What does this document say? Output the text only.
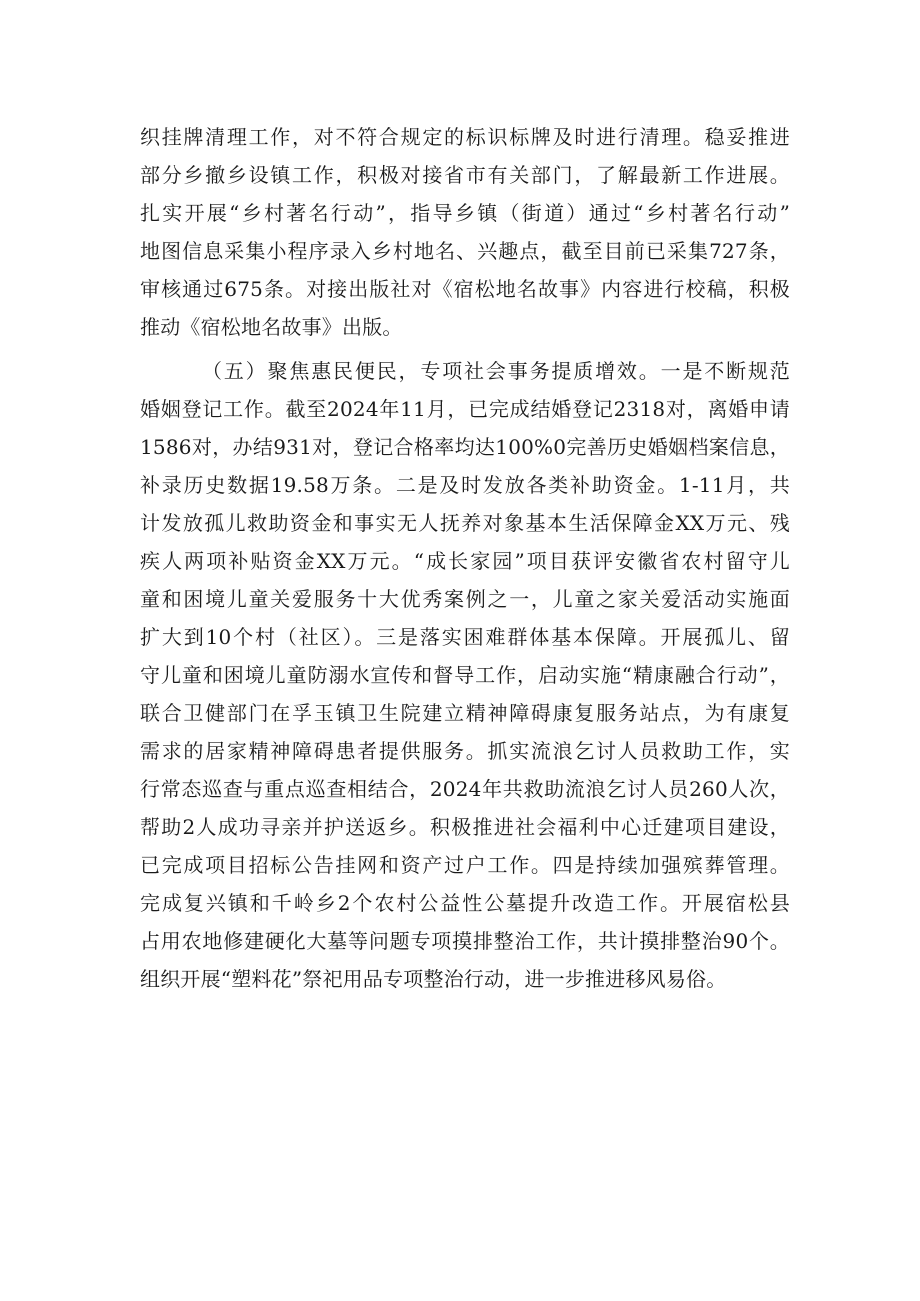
织挂牌清理工作，对不符合规定的标识标牌及时进行清理。稳妥推进
部分乡撤乡设镇工作，积极对接省市有关部门，了解最新工作进展。
扎实开展“乡村著名行动”，指导乡镇（街道）通过“乡村著名行动”
地图信息采集小程序录入乡村地名、兴趣点，截至目前已采集727条，
审核通过675条。对接出版社对《宿松地名故事》内容进行校稿，积极
推动《宿松地名故事》出版。
（五）聚焦惠民便民，专项社会事务提质增效。一是不断规范
婚姻登记工作。截至2024年11月，已完成结婚登记2318对，离婚申请
1586对，办结931对，登记合格率均达100%0完善历史婚姻档案信息，
补录历史数据19.58万条。二是及时发放各类补助资金。1-11月，共
计发放孤儿救助资金和事实无人抚养对象基本生活保障金XX万元、残
疾人两项补贴资金XX万元。“成长家园”项目获评安徽省农村留守儿
童和困境儿童关爱服务十大优秀案例之一，儿童之家关爱活动实施面
扩大到10个村（社区）。三是落实困难群体基本保障。开展孤儿、留
守儿童和困境儿童防溺水宣传和督导工作，启动实施“精康融合行动”，
联合卫健部门在孚玉镇卫生院建立精神障碍康复服务站点，为有康复
需求的居家精神障碍患者提供服务。抓实流浪乞讨人员救助工作，实
行常态巡查与重点巡查相结合，2024年共救助流浪乞讨人员260人次，
帮助2人成功寻亲并护送返乡。积极推进社会福利中心迁建项目建设，
已完成项目招标公告挂网和资产过户工作。四是持续加强殡葬管理。
完成复兴镇和千岭乡2个农村公益性公墓提升改造工作。开展宿松县
占用农地修建硬化大墓等问题专项摸排整治工作，共计摸排整治90个。
组织开展“塑料花”祭祀用品专项整治行动，进一步推进移风易俗。
